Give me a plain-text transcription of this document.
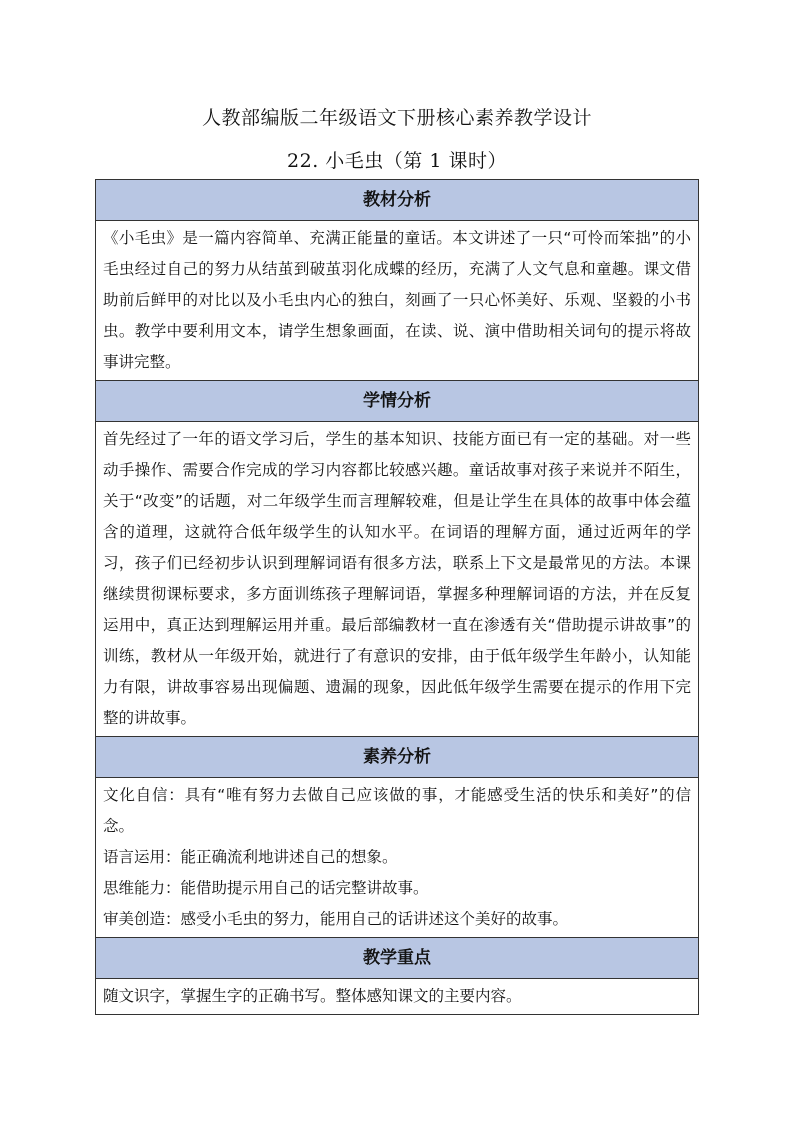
人教部编版二年级语文下册核心素养教学设计
22. 小毛虫（第 1 课时）
教材分析

《小毛虫》是一篇内容简单、充满正能量的童话。本文讲述了一只“可怜而笨拙”的小毛虫经过自己的努力从结茧到破茧羽化成蝶的经历，充满了人文气息和童趣。课文借助前后鲜甲的对比以及小毛虫内心的独白，刻画了一只心怀美好、乐观、坚毅的小书虫。教学中要利用文本，请学生想象画面，在读、说、演中借助相关词句的提示将故事讲完整。

学情分析

首先经过了一年的语文学习后，学生的基本知识、技能方面已有一定的基础。对一些动手操作、需要合作完成的学习内容都比较感兴趣。童话故事对孩子来说并不陌生，关于“改变”的话题，对二年级学生而言理解较难，但是让学生在具体的故事中体会蕴含的道理，这就符合低年级学生的认知水平。在词语的理解方面，通过近两年的学习，孩子们已经初步认识到理解词语有很多方法，联系上下文是最常见的方法。本课继续贯彻课标要求，多方面训练孩子理解词语，掌握多种理解词语的方法，并在反复运用中，真正达到理解运用并重。最后部编教材一直在渗透有关“借助提示讲故事”的训练，教材从一年级开始，就进行了有意识的安排，由于低年级学生年龄小，认知能力有限，讲故事容易出现偏题、遗漏的现象，因此低年级学生需要在提示的作用下完整的讲故事。

素养分析

文化自信：具有“唯有努力去做自己应该做的事，才能感受生活的快乐和美好”的信念。

语言运用：能正确流利地讲述自己的想象。

思维能力：能借助提示用自己的话完整讲故事。

审美创造：感受小毛虫的努力，能用自己的话讲述这个美好的故事。

教学重点

随文识字，掌握生字的正确书写。整体感知课文的主要内容。
